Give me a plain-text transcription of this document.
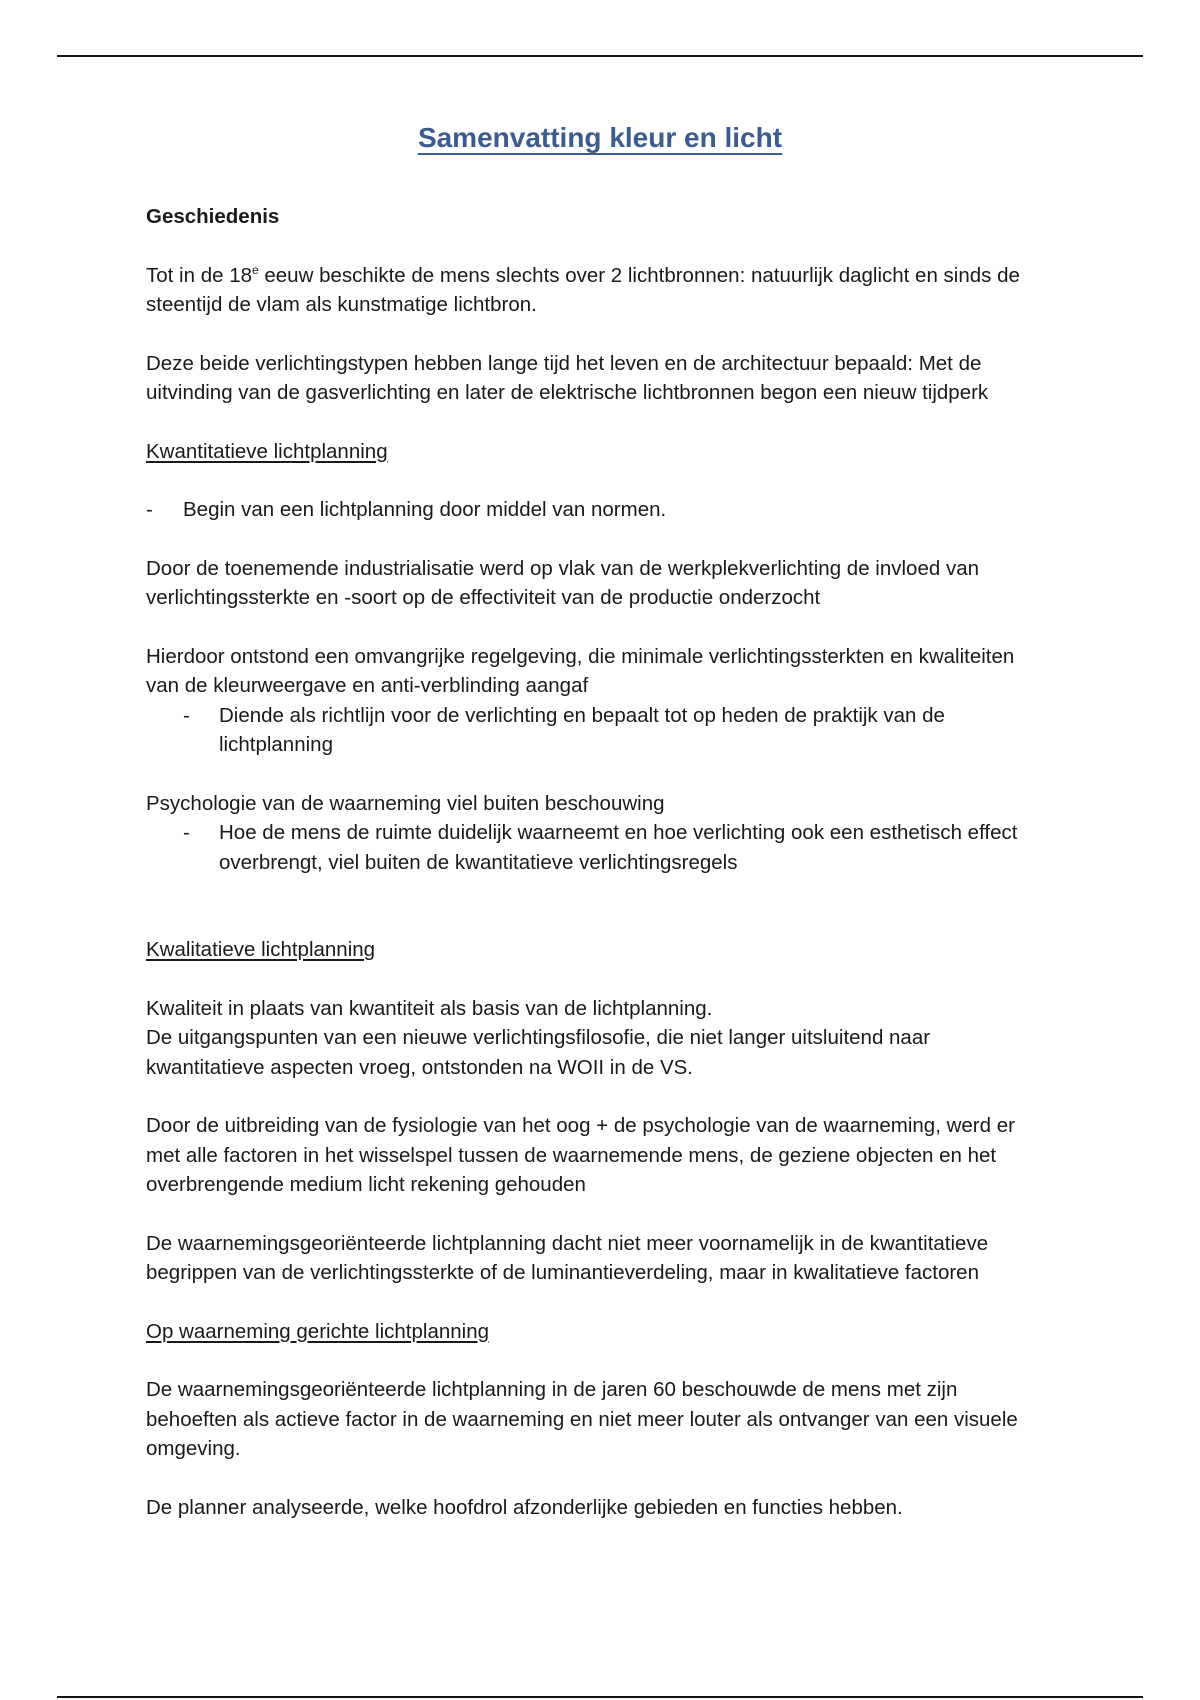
Samenvatting kleur en licht

Geschiedenis

Tot in de 18e eeuw beschikte de mens slechts over 2 lichtbronnen: natuurlijk daglicht en sinds de steentijd de vlam als kunstmatige lichtbron.

Deze beide verlichtingstypen hebben lange tijd het leven en de architectuur bepaald: Met de uitvinding van de gasverlichting en later de elektrische lichtbronnen begon een nieuw tijdperk

Kwantitatieve lichtplanning

- Begin van een lichtplanning door middel van normen.

Door de toenemende industrialisatie werd op vlak van de werkplekverlichting de invloed van verlichtingssterkte en -soort op de effectiviteit van de productie onderzocht

Hierdoor ontstond een omvangrijke regelgeving, die minimale verlichtingssterkten en kwaliteiten van de kleurweergave en anti-verblinding aangaf

- Diende als richtlijn voor de verlichting en bepaalt tot op heden de praktijk van de lichtplanning

Psychologie van de waarneming viel buiten beschouwing

- Hoe de mens de ruimte duidelijk waarneemt en hoe verlichting ook een esthetisch effect overbrengt, viel buiten de kwantitatieve verlichtingsregels

Kwalitatieve lichtplanning

Kwaliteit in plaats van kwantiteit als basis van de lichtplanning.

De uitgangspunten van een nieuwe verlichtingsfilosofie, die niet langer uitsluitend naar kwantitatieve aspecten vroeg, ontstonden na WOII in de VS.

Door de uitbreiding van de fysiologie van het oog + de psychologie van de waarneming, werd er met alle factoren in het wisselspel tussen de waarnemende mens, de geziene objecten en het overbrengende medium licht rekening gehouden

De waarnemingsgeoriënteerde lichtplanning dacht niet meer voornamelijk in de kwantitatieve begrippen van de verlichtingssterkte of de luminantieverdeling, maar in kwalitatieve factoren

Op waarneming gerichte lichtplanning

De waarnemingsgeoriënteerde lichtplanning in de jaren 60 beschouwde de mens met zijn behoeften als actieve factor in de waarneming en niet meer louter als ontvanger van een visuele omgeving.

De planner analyseerde, welke hoofdrol afzonderlijke gebieden en functies hebben.
